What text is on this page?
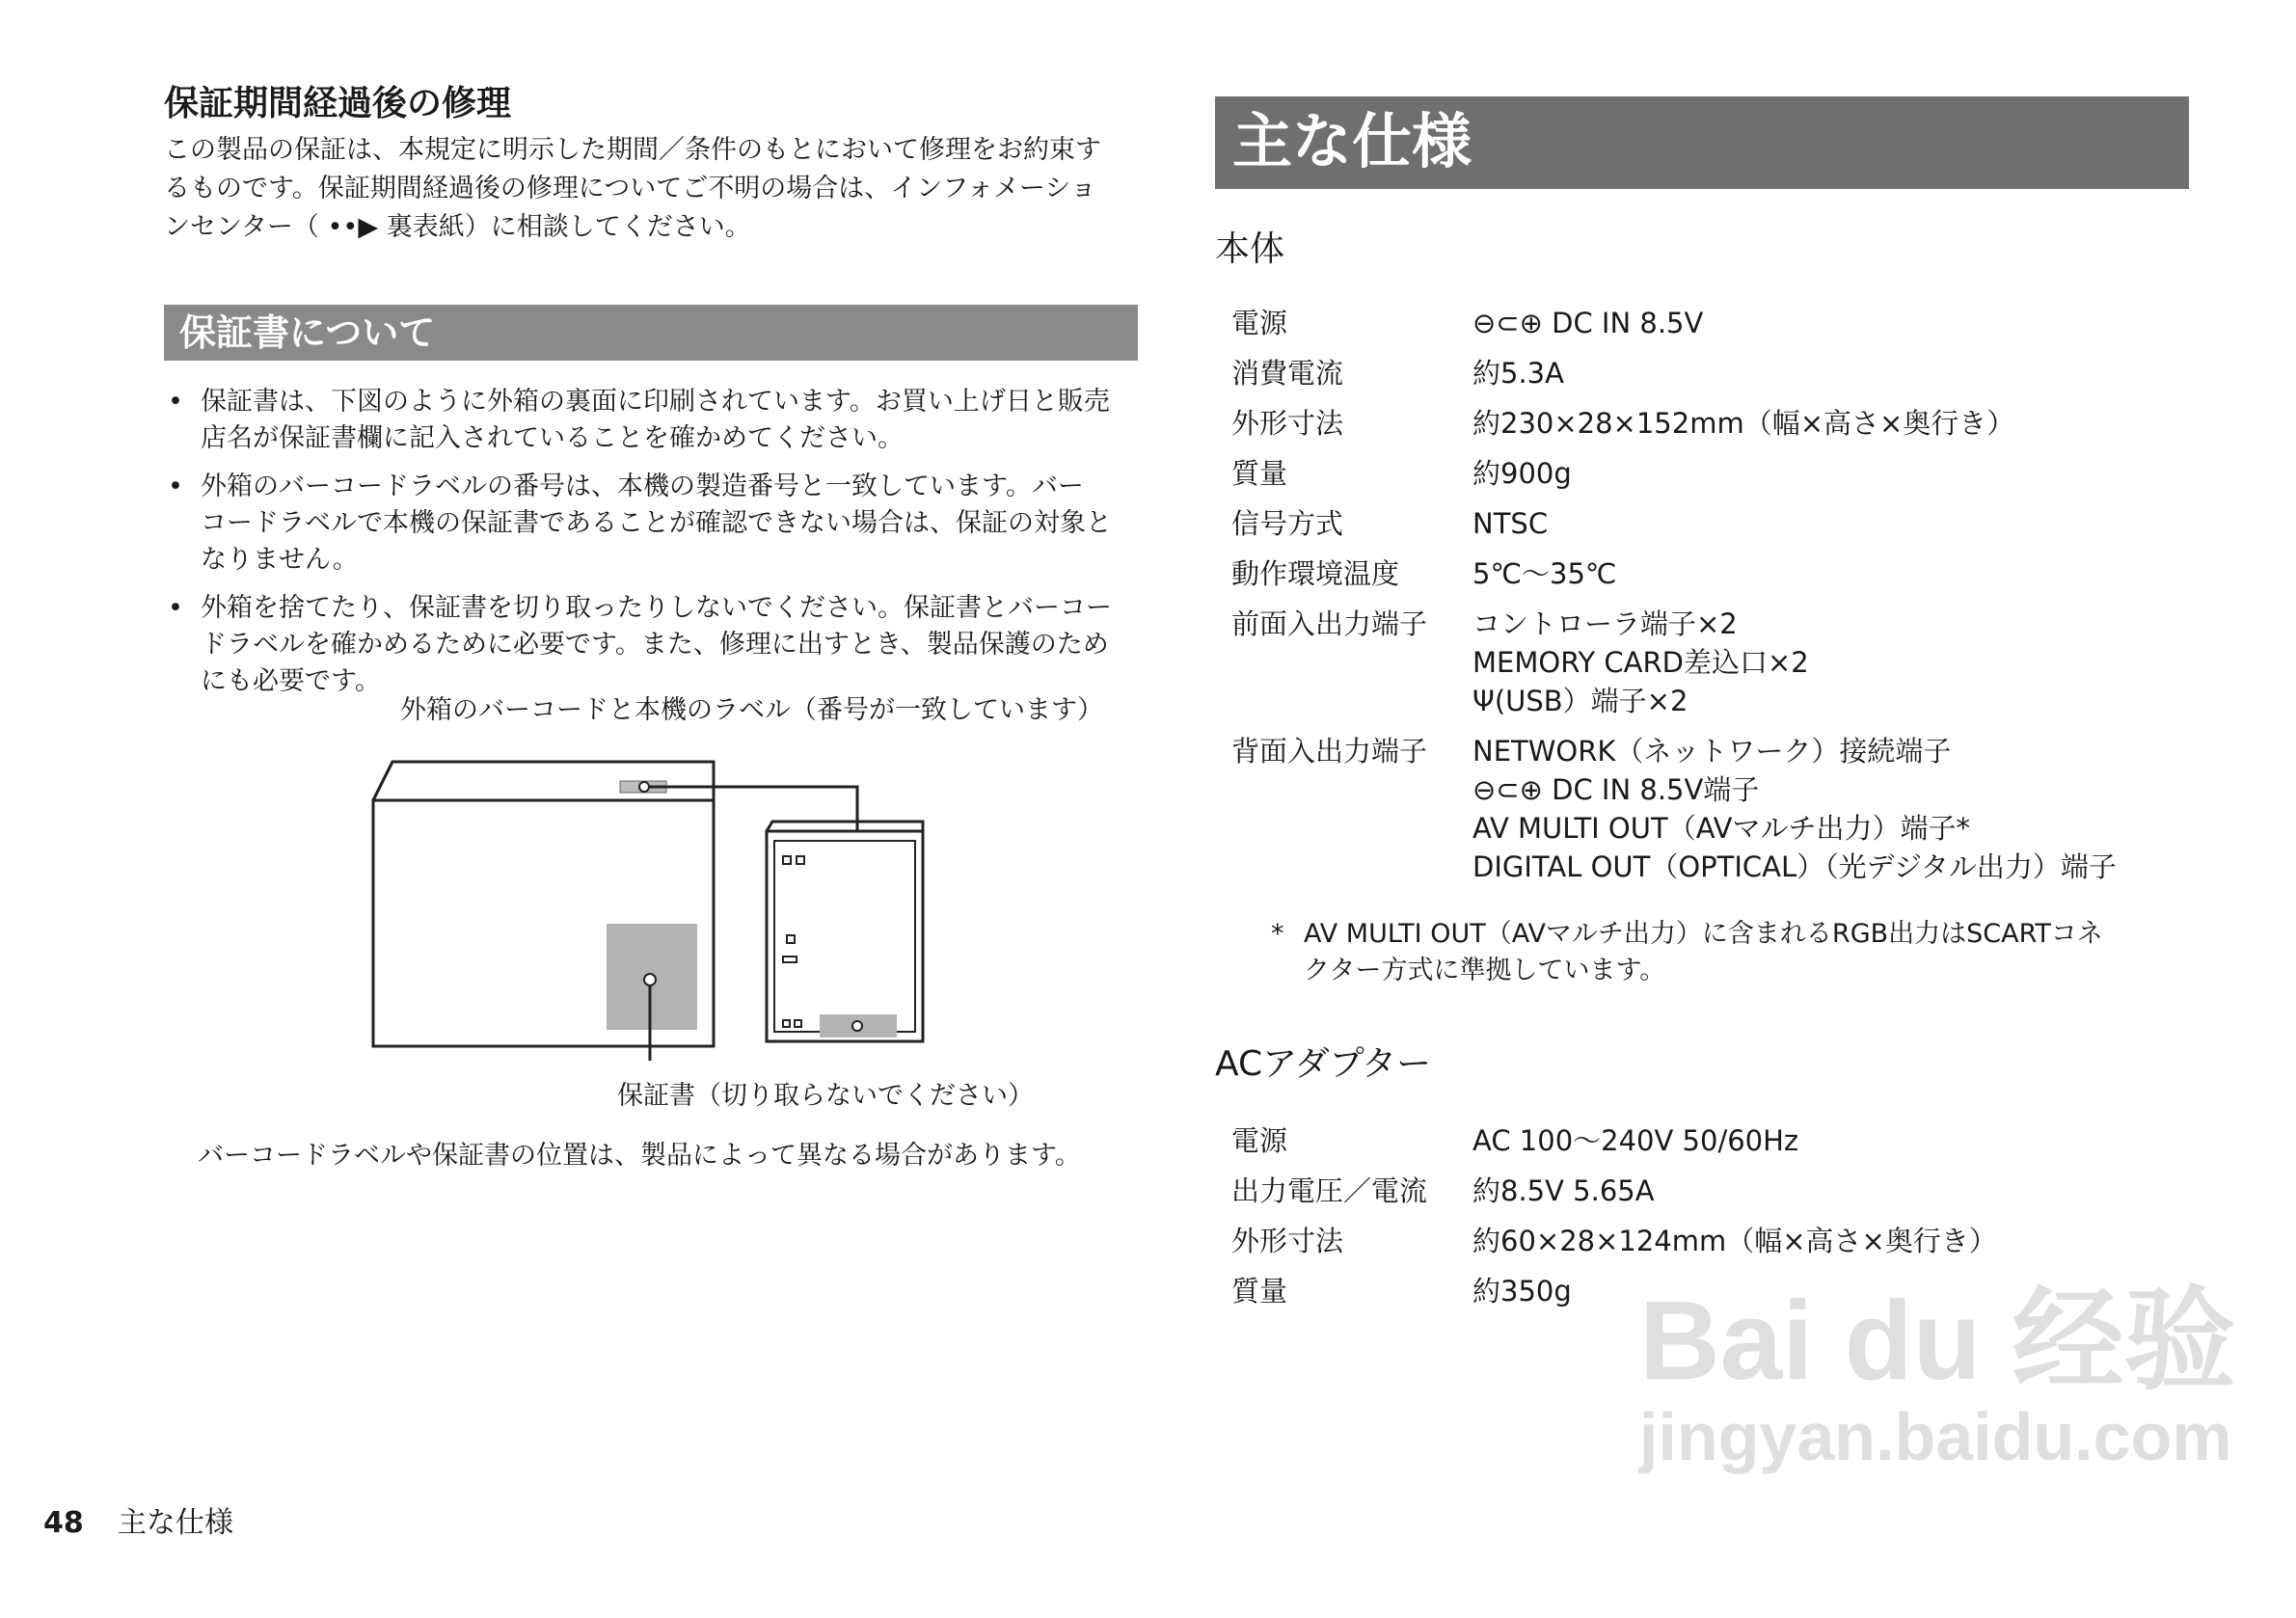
保証期間経過後の修理
この製品の保証は、本規定に明示した期間／条件のもとにおいて修理をお約束す
るものです。保証期間経過後の修理についてご不明の場合は、インフォメーショ
ンセンター（ ••▶ 裏表紙）に相談してください。
保証書について
• 保証書は、下図のように外箱の裏面に印刷されています。お買い上げ日と販売
店名が保証書欄に記入されていることを確かめてください。
• 外箱のバーコードラベルの番号は、本機の製造番号と一致しています。バー
コードラベルで本機の保証書であることが確認できない場合は、保証の対象と
なりません。
• 外箱を捨てたり、保証書を切り取ったりしないでください。保証書とバーコー
ドラベルを確かめるために必要です。また、修理に出すとき、製品保護のため
にも必要です。
外箱のバーコードと本機のラベル（番号が一致しています）
保証書（切り取らないでください）
バーコードラベルや保証書の位置は、製品によって異なる場合があります。
主な仕様
本体
電源	⊖⊂⊕ DC IN 8.5V

消費電流	約5.3A

外形寸法	約230×28×152mm（幅×高さ×奥行き）

質量	約900g

信号方式	NTSC

動作環境温度	5℃～35℃

前面入出力端子	コントローラ端子×2
MEMORY CARD差込口×2
Ψ(USB）端子×2

背面入出力端子	NETWORK（ネットワーク）接続端子
⊖⊂⊕ DC IN 8.5V端子
AV MULTI OUT（AVマルチ出力）端子*
DIGITAL OUT（OPTICAL）（光デジタル出力）端子
* AV MULTI OUT（AVマルチ出力）に含まれるRGB出力はSCARTコネ
クター方式に準拠しています。
ACアダプター
電源	AC 100～240V 50/60Hz

出力電圧／電流	約8.5V 5.65A

外形寸法	約60×28×124mm（幅×高さ×奥行き）

質量	約350g
48 主な仕様
Bai du 经验
jingyan.baidu.com
